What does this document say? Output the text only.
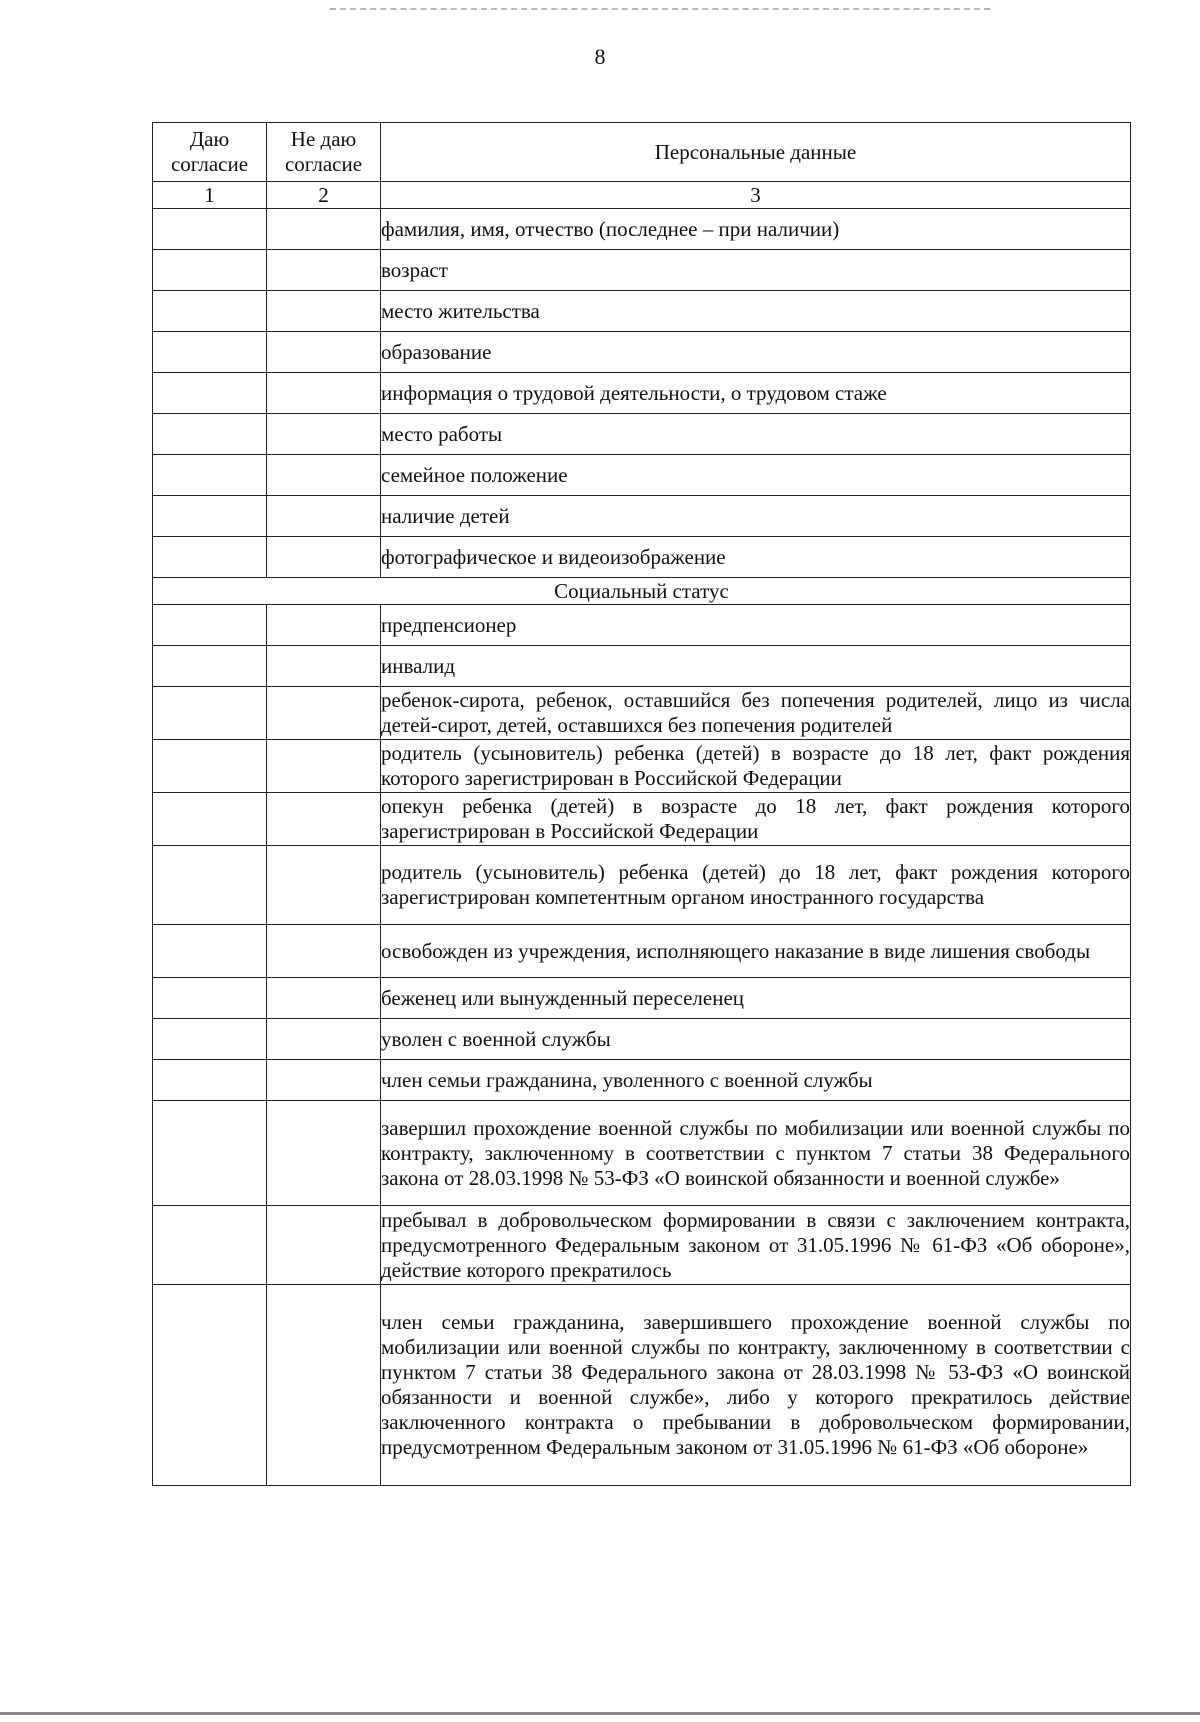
8
Даю согласие	Не даю согласие	Персональные данные
1	2	3
		фамилия, имя, отчество (последнее – при наличии)
		возраст
		место жительства
		образование
		информация о трудовой деятельности, о трудовом стаже
		место работы
		семейное положение
		наличие детей
		фотографическое и видеоизображение
Социальный статус		
		предпенсионер
		инвалид
		ребенок-сирота, ребенок, оставшийся без попечения родителей, лицо из числа детей-сирот, детей, оставшихся без попечения родителей
		родитель (усыновитель) ребенка (детей) в возрасте до 18 лет, факт рождения которого зарегистрирован в Российской Федерации
		опекун ребенка (детей) в возрасте до 18 лет, факт рождения которого зарегистрирован в Российской Федерации
		родитель (усыновитель) ребенка (детей) до 18 лет, факт рождения которого зарегистрирован компетентным органом иностранного государства
		освобожден из учреждения, исполняющего наказание в виде лишения свободы
		беженец или вынужденный переселенец
		уволен с военной службы
		член семьи гражданина, уволенного с военной службы
		завершил прохождение военной службы по мобилизации или военной службы по контракту, заключенному в соответствии с пунктом 7 статьи 38 Федерального закона от 28.03.1998 № 53-ФЗ «О воинской обязанности и военной службе»
		пребывал в добровольческом формировании в связи с заключением контракта, предусмотренного Федеральным законом от 31.05.1996 № 61-ФЗ «Об обороне», действие которого прекратилось
		член семьи гражданина, завершившего прохождение военной службы по мобилизации или военной службы по контракту, заключенному в соответствии с пунктом 7 статьи 38 Федерального закона от 28.03.1998 № 53-ФЗ «О воинской обязанности и военной службе», либо у которого прекратилось действие заключенного контракта о пребывании в добровольческом формировании, предусмотренном Федеральным законом от 31.05.1996 № 61-ФЗ «Об обороне»
